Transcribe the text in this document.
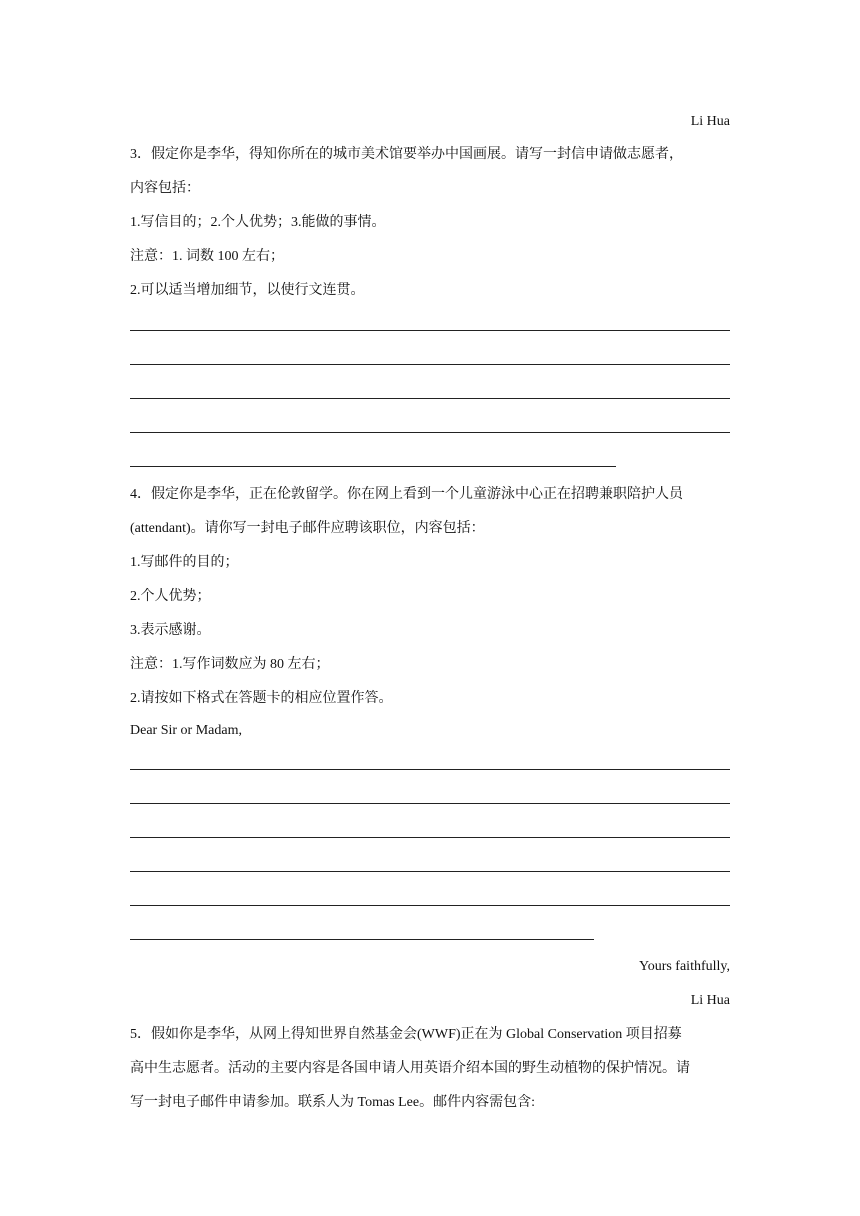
Li Hua
3．假定你是李华，得知你所在的城市美术馆要举办中国画展。请写一封信申请做志愿者，
内容包括：
1.写信目的；2.个人优势；3.能做的事情。
注意：1. 词数 100 左右；
2.可以适当增加细节，以使行文连贯。
4．假定你是李华，正在伦敦留学。你在网上看到一个儿童游泳中心正在招聘兼职陪护人员
(attendant)。请你写一封电子邮件应聘该职位，内容包括：
1.写邮件的目的；
2.个人优势；
3.表示感谢。
注意：1.写作词数应为 80 左右；
2.请按如下格式在答题卡的相应位置作答。
Dear Sir or Madam,
Yours faithfully,
Li Hua
5．假如你是李华，从网上得知世界自然基金会(WWF)正在为 Global Conservation 项目招募
高中生志愿者。活动的主要内容是各国申请人用英语介绍本国的野生动植物的保护情况。请
写一封电子邮件申请参加。联系人为 Tomas Lee。邮件内容需包含:
